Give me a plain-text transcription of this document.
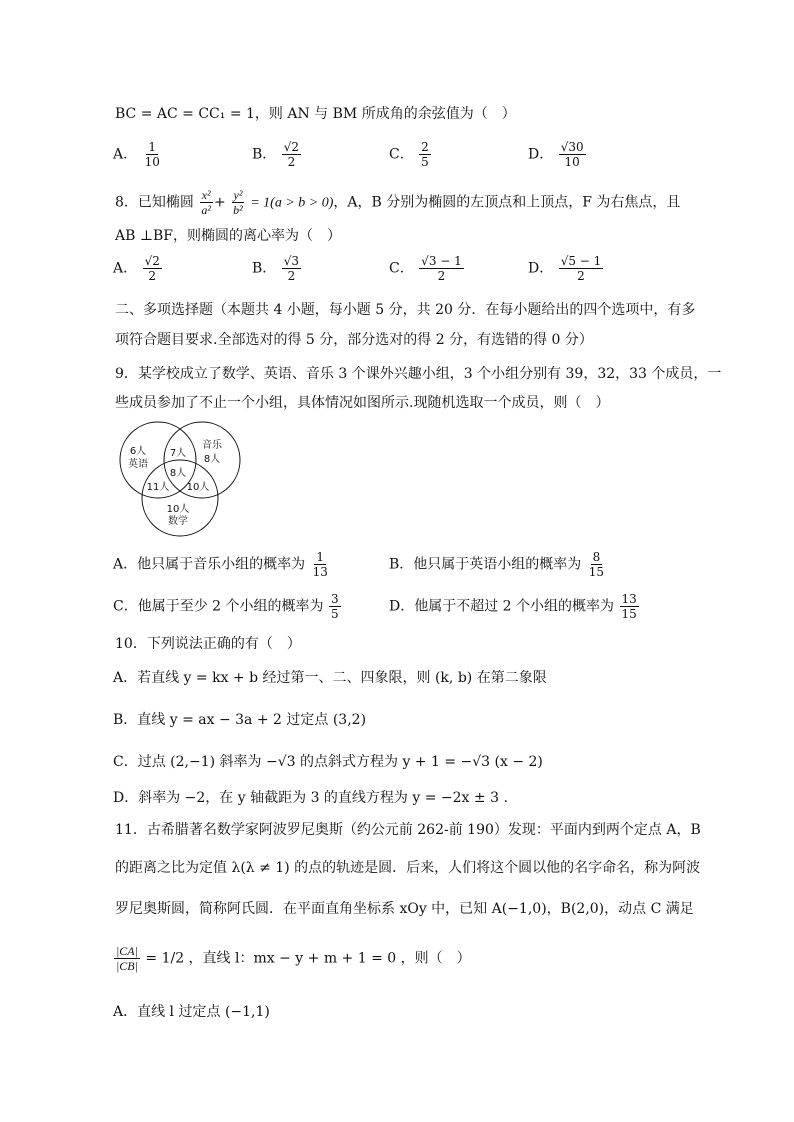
BC = AC = CC₁ = 1，则 AN 与 BM 所成角的余弦值为（　）
A． $\frac{1}{10}$	B． $\frac{√2}{2}$	C． $\frac{2}{5}$	D． $\frac{√30}{10}$
8．已知椭圆 $\frac{\text{x²}}{\text{a²}} + \frac{\text{y²}}{\text{b²}} = 1(a > b > 0)$，A，B 分别为椭圆的左顶点和上顶点，F 为右焦点，且
AB ⊥BF，则椭圆的离心率为（　）
A． $\frac{√2}{2}$	B． $\frac{√3}{2}$	C． $\frac{√3 - 1}{2}$	D． $\frac{√5 - 1}{2}$
二、多项选择题（本题共 4 小题，每小题 5 分，共 20 分．在每小题给出的四个选项中，有多
项符合题目要求.全部选对的得 5 分，部分选对的得 2 分，有选错的得 0 分）
9．某学校成立了数学、英语、音乐 3 个课外兴趣小组，3 个小组分别有 39，32，33 个成员，一
些成员参加了不止一个小组，具体情况如图所示.现随机选取一个成员，则（　）
6人
英语
音乐
8人
7人
8人
11人 10人
10人
数学
A．他只属于音乐小组的概率为 $\frac{1}{13}$	B．他只属于英语小组的概率为 $\frac{8}{15}$
C．他属于至少 2 个小组的概率为 $\frac{3}{5}$	D．他属于不超过 2 个小组的概率为 $\frac{13}{15}$
10．下列说法正确的有（　）
A．若直线 y = kx + b 经过第一、二、四象限，则 (k, b) 在第二象限
B．直线 y = ax − 3a + 2 过定点 (3,2)
C．过点 (2,−1) 斜率为 −√3 的点斜式方程为 y + 1 = −√3 (x − 2)
D．斜率为 −2，在 y 轴截距为 3 的直线方程为 y = −2x ± 3 .
11．古希腊著名数学家阿波罗尼奥斯（约公元前 262-前 190）发现：平面内到两个定点 A，B
的距离之比为定值 λ(λ ≠ 1) 的点的轨迹是圆．后来，人们将这个圆以他的名字命名，称为阿波
罗尼奥斯圆，简称阿氏圆．在平面直角坐标系 xOy 中，已知 A(−1,0)，B(2,0)，动点 C 满足
$\frac{|CA|}{|CB|} = 1/2$ ，直线 l：mx − y + m + 1 = 0 ，则（　）
A．直线 l 过定点 (−1,1)
